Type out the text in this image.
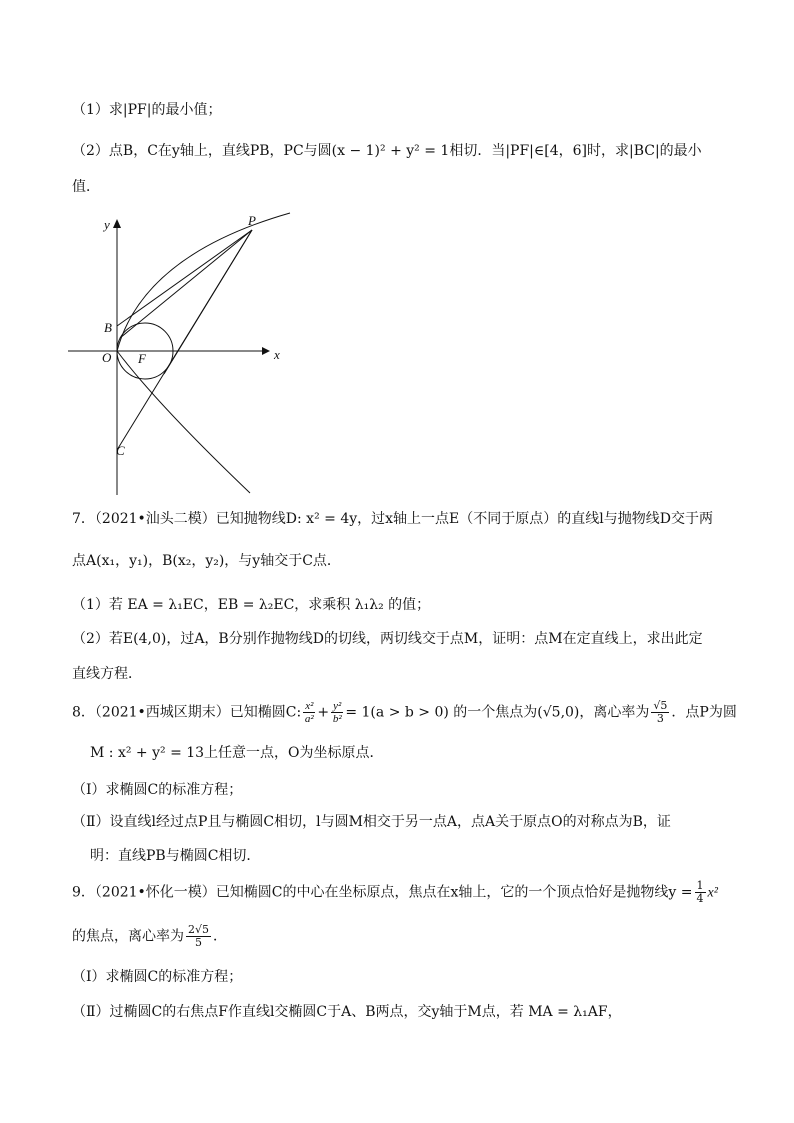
（1）求|PF|的最小值；
（2）点B，C在y轴上，直线PB，PC与圆(x − 1)² + y² = 1相切．当|PF|∈[4，6]时，求|BC|的最小
值．
y
x
P
B
O F
C
7．（2021•汕头二模）已知抛物线D: x² = 4y，过x轴上一点E（不同于原点）的直线l与抛物线D交于两
点A(x₁，y₁)，B(x₂，y₂)，与y轴交于C点．
（1）若 EA = λ₁EC，EB = λ₂EC，求乘积 λ₁λ₂ 的值；
（2）若E(4,0)，过A，B分别作抛物线D的切线，两切线交于点M，证明：点M在定直线上，求出此定
直线方程．
8．（2021•西城区期末）已知椭圆C: $\frac{\text{x²}}{\text{a²}} + \frac{\text{y²}}{\text{b²}} = 1(a > b > 0)$ 的一个焦点为(√5,0)，离心率为 $\frac{√5}{3}$ ．点P为圆
M : x² + y² = 13上任意一点，O为坐标原点．
（Ⅰ）求椭圆C的标准方程；
（Ⅱ）设直线l经过点P且与椭圆C相切，l与圆M相交于另一点A，点A关于原点O的对称点为B，证
明：直线PB与椭圆C相切．
9．（2021•怀化一模）已知椭圆C的中心在坐标原点，焦点在x轴上，它的一个顶点恰好是抛物线$y = \frac{1}{4} x^2$
的焦点，离心率为 $\frac{2√5}{5}$ ．
（Ⅰ）求椭圆C的标准方程；
（Ⅱ）过椭圆C的右焦点F作直线l交椭圆C于A、B两点，交y轴于M点，若 MA = λ₁AF，
